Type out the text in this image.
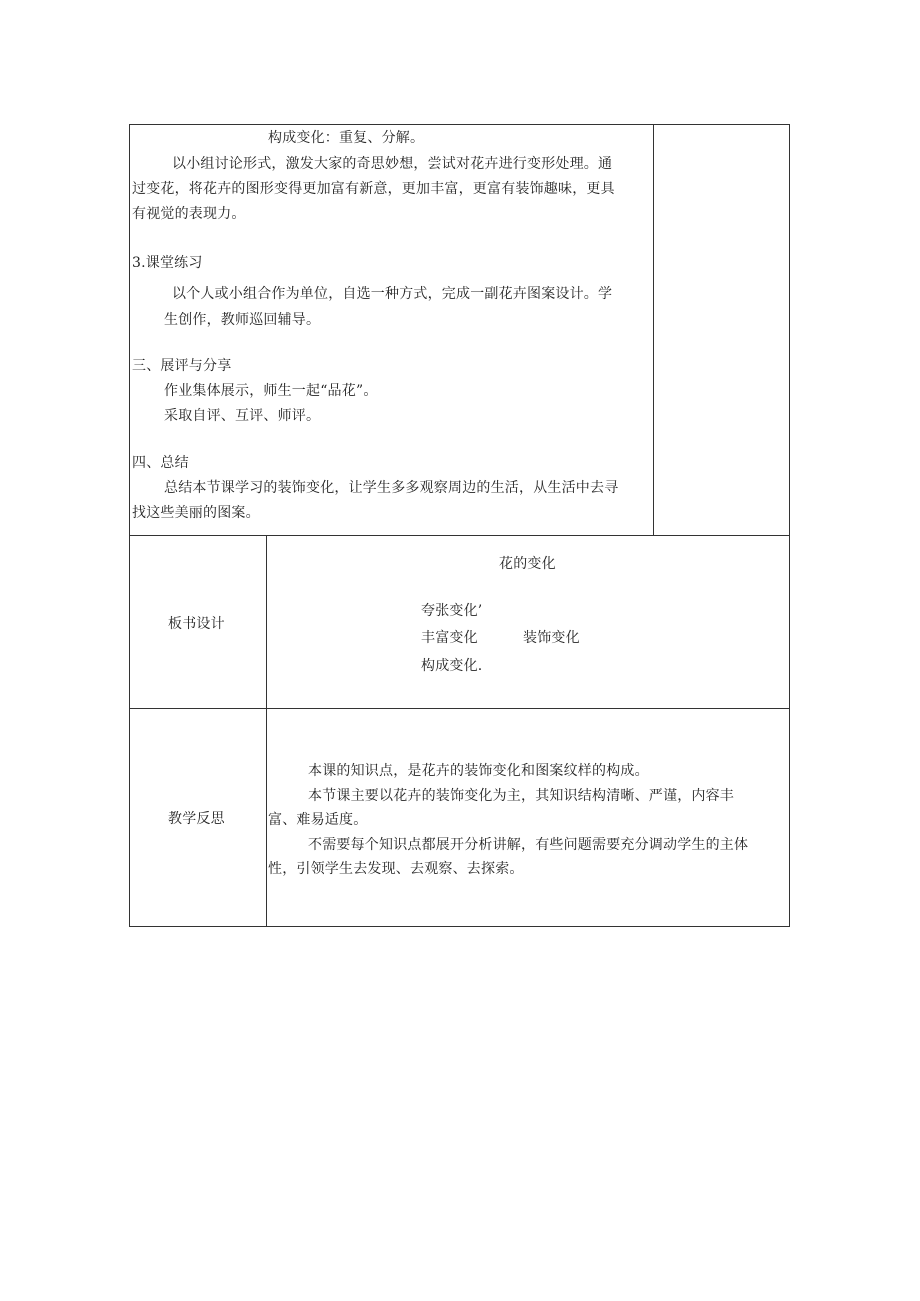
构成变化：重复、分解。
以小组讨论形式，激发大家的奇思妙想，尝试对花卉进行变形处理。通
过变花，将花卉的图形变得更加富有新意，更加丰富，更富有装饰趣味，更具
有视觉的表现力。
3.课堂练习
以个人或小组合作为单位，自选一种方式，完成一副花卉图案设计。学
生创作，教师巡回辅导。
三、展评与分享
作业集体展示，师生一起“品花”。
采取自评、互评、师评。
四、总结
总结本节课学习的装饰变化，让学生多多观察周边的生活，从生活中去寻
找这些美丽的图案。
板书设计
花的变化
夸张变化’
丰富变化	装饰变化
构成变化.
教学反思
本课的知识点，是花卉的装饰变化和图案纹样的构成。
本节课主要以花卉的装饰变化为主，其知识结构清晰、严谨，内容丰
富、难易适度。
不需要每个知识点都展开分析讲解，有些问题需要充分调动学生的主体
性，引领学生去发现、去观察、去探索。
